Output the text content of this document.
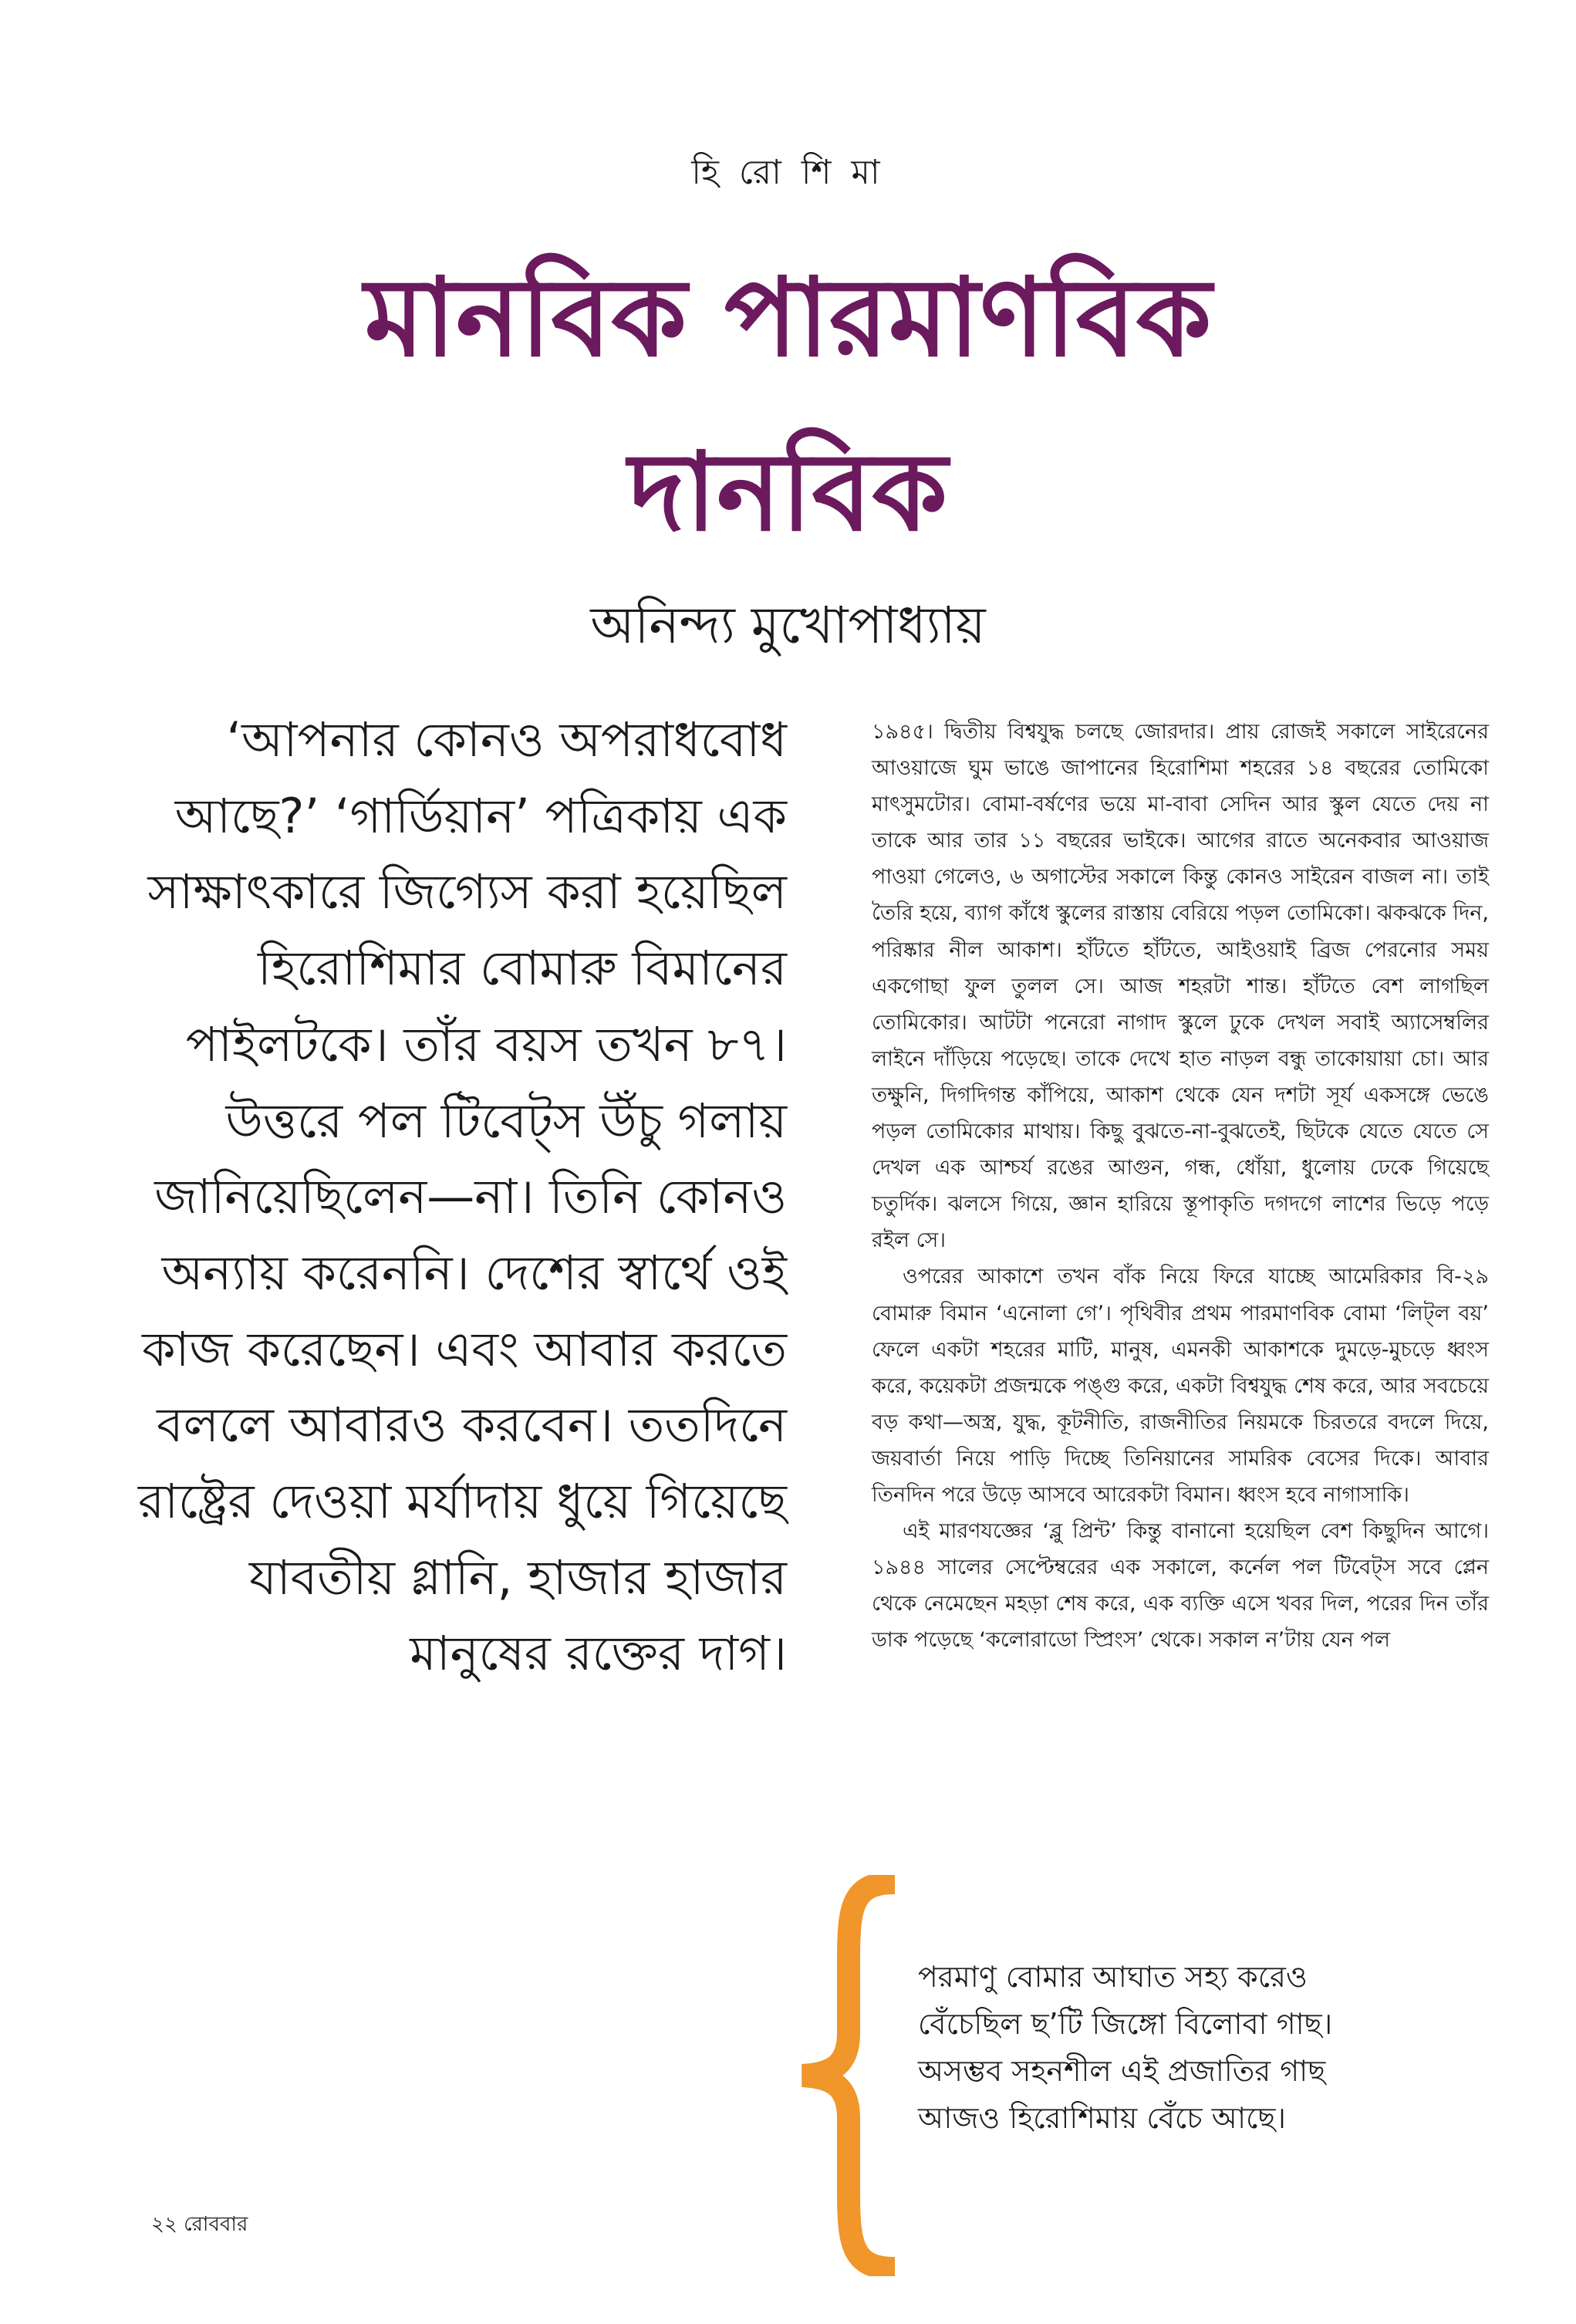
হি রো শি মা
মানবিক পারমাণবিক
দানবিক
অনিন্দ্য মুখোপাধ্যায়
‘আপনার কোনও অপরাধবোধ আছে?’ ‘গার্ডিয়ান’ পত্রিকায় এক সাক্ষাৎকারে জিগ্যেস করা হয়েছিল হিরোশিমার বোমারু বিমানের পাইলটকে। তাঁর বয়স তখন ৮৭। উত্তরে পল টিবেট্স উঁচু গলায় জানিয়েছিলেন—না। তিনি কোনও অন্যায় করেননি। দেশের স্বার্থে ওই কাজ করেছেন। এবং আবার করতে বললে আবারও করবেন। ততদিনে রাষ্ট্রের দেওয়া মর্যাদায় ধুয়ে গিয়েছে যাবতীয় গ্লানি, হাজার হাজার মানুষের রক্তের দাগ।

১৯৪৫। দ্বিতীয় বিশ্বযুদ্ধ চলছে জোরদার। প্রায় রোজই সকালে সাইরেনের আওয়াজে ঘুম ভাঙে জাপানের হিরোশিমা শহরের ১৪ বছরের তোমিকো মাৎসুমটোর। বোমা-বর্ষণের ভয়ে মা-বাবা সেদিন আর স্কুল যেতে দেয় না তাকে আর তার ১১ বছরের ভাইকে। আগের রাতে অনেকবার আওয়াজ পাওয়া গেলেও, ৬ অগাস্টের সকালে কিন্তু কোনও সাইরেন বাজল না। তাই তৈরি হয়ে, ব্যাগ কাঁধে স্কুলের রাস্তায় বেরিয়ে পড়ল তোমিকো। ঝকঝকে দিন, পরিষ্কার নীল আকাশ। হাঁটতে হাঁটতে, আইওয়াই ব্রিজ পেরনোর সময় একগোছা ফুল তুলল সে। আজ শহরটা শান্ত। হাঁটতে বেশ লাগছিল তোমিকোর। আটটা পনেরো নাগাদ স্কুলে ঢুকে দেখল সবাই অ্যাসেম্বলির লাইনে দাঁড়িয়ে পড়েছে। তাকে দেখে হাত নাড়ল বন্ধু তাকোয়ায়া চো। আর তক্ষুনি, দিগদিগন্ত কাঁপিয়ে, আকাশ থেকে যেন দশটা সূর্য একসঙ্গে ভেঙে পড়ল তোমিকোর মাথায়। কিছু বুঝতে-না-বুঝতেই, ছিটকে যেতে যেতে সে দেখল এক আশ্চর্য রঙের আগুন, গন্ধ, ধোঁয়া, ধুলোয় ঢেকে গিয়েছে চতুর্দিক। ঝলসে গিয়ে, জ্ঞান হারিয়ে স্তূপাকৃতি দগদগে লাশের ভিড়ে পড়ে রইল সে।

ওপরের আকাশে তখন বাঁক নিয়ে ফিরে যাচ্ছে আমেরিকার বি-২৯ বোমারু বিমান ‘এনোলা গে’। পৃথিবীর প্রথম পারমাণবিক বোমা ‘লিট্ল বয়’ ফেলে একটা শহরের মাটি, মানুষ, এমনকী আকাশকে দুমড়ে-মুচড়ে ধ্বংস করে, কয়েকটা প্রজন্মকে পঙ্গু করে, একটা বিশ্বযুদ্ধ শেষ করে, আর সবচেয়ে বড় কথা—অস্ত্র, যুদ্ধ, কূটনীতি, রাজনীতির নিয়মকে চিরতরে বদলে দিয়ে, জয়বার্তা নিয়ে পাড়ি দিচ্ছে তিনিয়ানের সামরিক বেসের দিকে। আবার তিনদিন পরে উড়ে আসবে আরেকটা বিমান। ধ্বংস হবে নাগাসাকি।

এই মারণযজ্ঞের ‘ব্লু প্রিন্ট’ কিন্তু বানানো হয়েছিল বেশ কিছুদিন আগে। ১৯৪৪ সালের সেপ্টেম্বরের এক সকালে, কর্নেল পল টিবেট্স সবে প্লেন থেকে নেমেছেন মহড়া শেষ করে, এক ব্যক্তি এসে খবর দিল, পরের দিন তাঁর ডাক পড়েছে ‘কলোরাডো স্প্রিংস’ থেকে। সকাল ন’টায় যেন পল

পরমাণু বোমার আঘাত সহ্য করেও
বেঁচেছিল ছ’টি জিঙ্গো বিলোবা গাছ।
অসম্ভব সহনশীল এই প্রজাতির গাছ
আজও হিরোশিমায় বেঁচে আছে।
২২ রোববার
